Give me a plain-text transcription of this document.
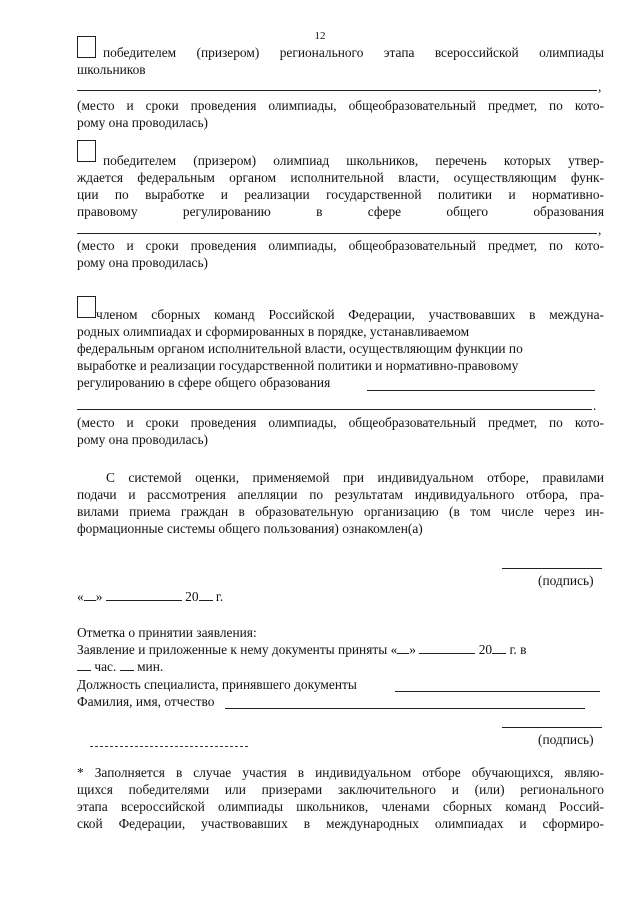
12
победителем (призером) регионального этапа всероссийской олимпиады
школьников
,
(место и сроки проведения олимпиады, общеобразовательный предмет, по кото-
рому она проводилась)
победителем (призером) олимпиад школьников, перечень которых утвер-
ждается федеральным органом исполнительной власти, осуществляющим функ-
ции по выработке и реализации государственной политики и нормативно-
правовому регулированию в сфере общего образования
,
(место и сроки проведения олимпиады, общеобразовательный предмет, по кото-
рому она проводилась)
членом сборных команд Российской Федерации, участвовавших в междуна-
родных олимпиадах и сформированных в порядке, устанавливаемом
федеральным органом исполнительной власти, осуществляющим функции по
выработке и реализации государственной политики и нормативно-правовому
регулированию в сфере общего образования
.
(место и сроки проведения олимпиады, общеобразовательный предмет, по кото-
рому она проводилась)
С системой оценки, применяемой при индивидуальном отборе, правилами
подачи и рассмотрения апелляции по результатам индивидуального отбора, пра-
вилами приема граждан в образовательную организацию (в том числе через ин-
формационные системы общего пользования) ознакомлен(а)
(подпись)
« »	20 г.
Отметка о принятии заявления:
Заявление и приложенные к нему документы приняты « »	20 г. в
час. мин.
Должность специалиста, принявшего документы
Фамилия, имя, отчество
(подпись)
* Заполняется в случае участия в индивидуальном отборе обучающихся, являю-
щихся победителями или призерами заключительного и (или) регионального
этапа всероссийской олимпиады школьников, членами сборных команд Россий-
ской Федерации, участвовавших в международных олимпиадах и сформиро-
